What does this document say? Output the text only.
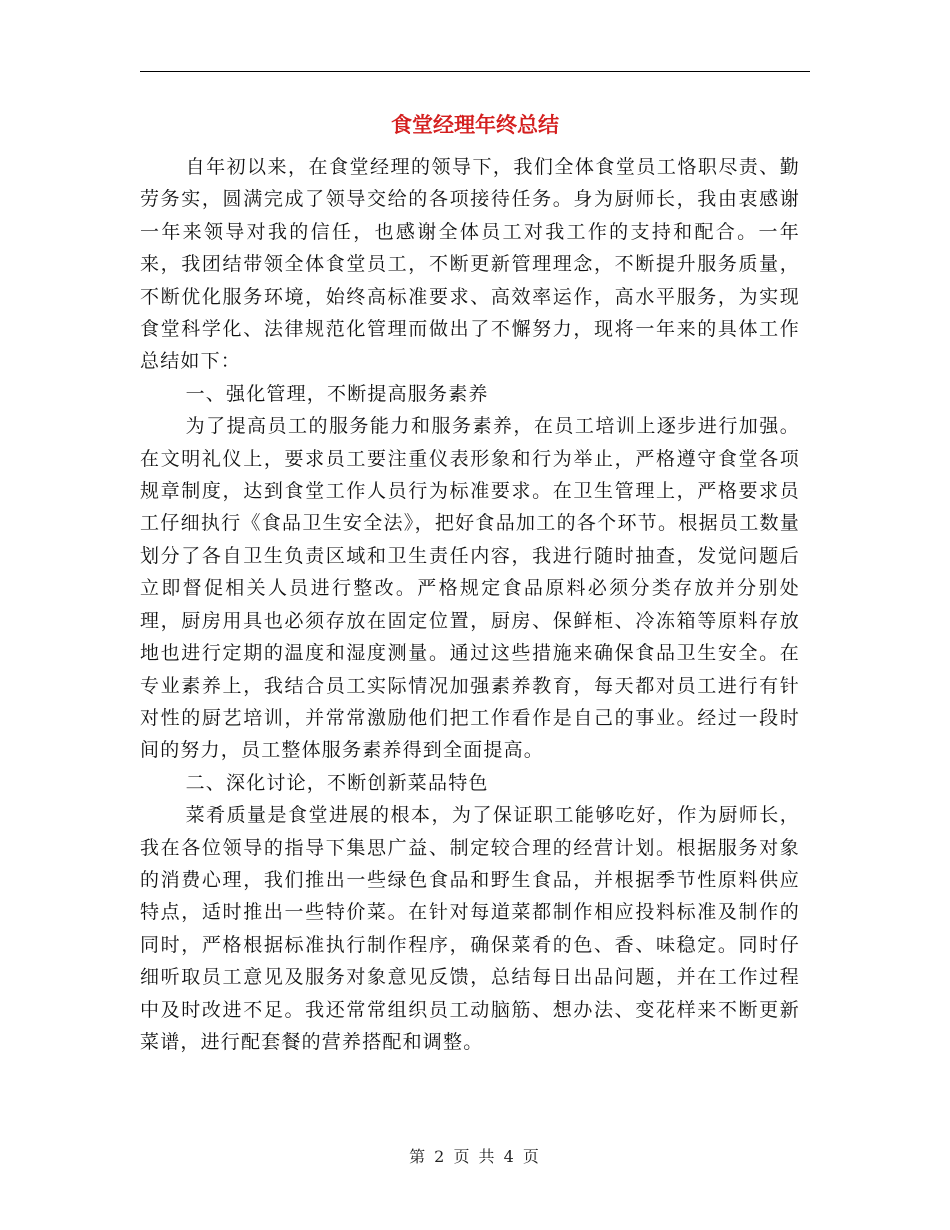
食堂经理年终总结

自年初以来，在食堂经理的领导下，我们全体食堂员工恪职尽责、勤劳务实，圆满完成了领导交给的各项接待任务。身为厨师长，我由衷感谢一年来领导对我的信任，也感谢全体员工对我工作的支持和配合。一年来，我团结带领全体食堂员工，不断更新管理理念，不断提升服务质量，不断优化服务环境，始终高标准要求、高效率运作，高水平服务，为实现食堂科学化、法律规范化管理而做出了不懈努力，现将一年来的具体工作总结如下：

一、强化管理，不断提高服务素养

为了提高员工的服务能力和服务素养，在员工培训上逐步进行加强。在文明礼仪上，要求员工要注重仪表形象和行为举止，严格遵守食堂各项规章制度，达到食堂工作人员行为标准要求。在卫生管理上，严格要求员工仔细执行《食品卫生安全法》，把好食品加工的各个环节。根据员工数量划分了各自卫生负责区域和卫生责任内容，我进行随时抽查，发觉问题后立即督促相关人员进行整改。严格规定食品原料必须分类存放并分别处理，厨房用具也必须存放在固定位置，厨房、保鲜柜、冷冻箱等原料存放地也进行定期的温度和湿度测量。通过这些措施来确保食品卫生安全。在专业素养上，我结合员工实际情况加强素养教育，每天都对员工进行有针对性的厨艺培训，并常常激励他们把工作看作是自己的事业。经过一段时间的努力，员工整体服务素养得到全面提高。

二、深化讨论，不断创新菜品特色

菜肴质量是食堂进展的根本，为了保证职工能够吃好，作为厨师长，我在各位领导的指导下集思广益、制定较合理的经营计划。根据服务对象的消费心理，我们推出一些绿色食品和野生食品，并根据季节性原料供应特点，适时推出一些特价菜。在针对每道菜都制作相应投料标准及制作的同时，严格根据标准执行制作程序，确保菜肴的色、香、味稳定。同时仔细听取员工意见及服务对象意见反馈，总结每日出品问题，并在工作过程中及时改进不足。我还常常组织员工动脑筋、想办法、变花样来不断更新菜谱，进行配套餐的营养搭配和调整。

第 2 页 共 4 页
